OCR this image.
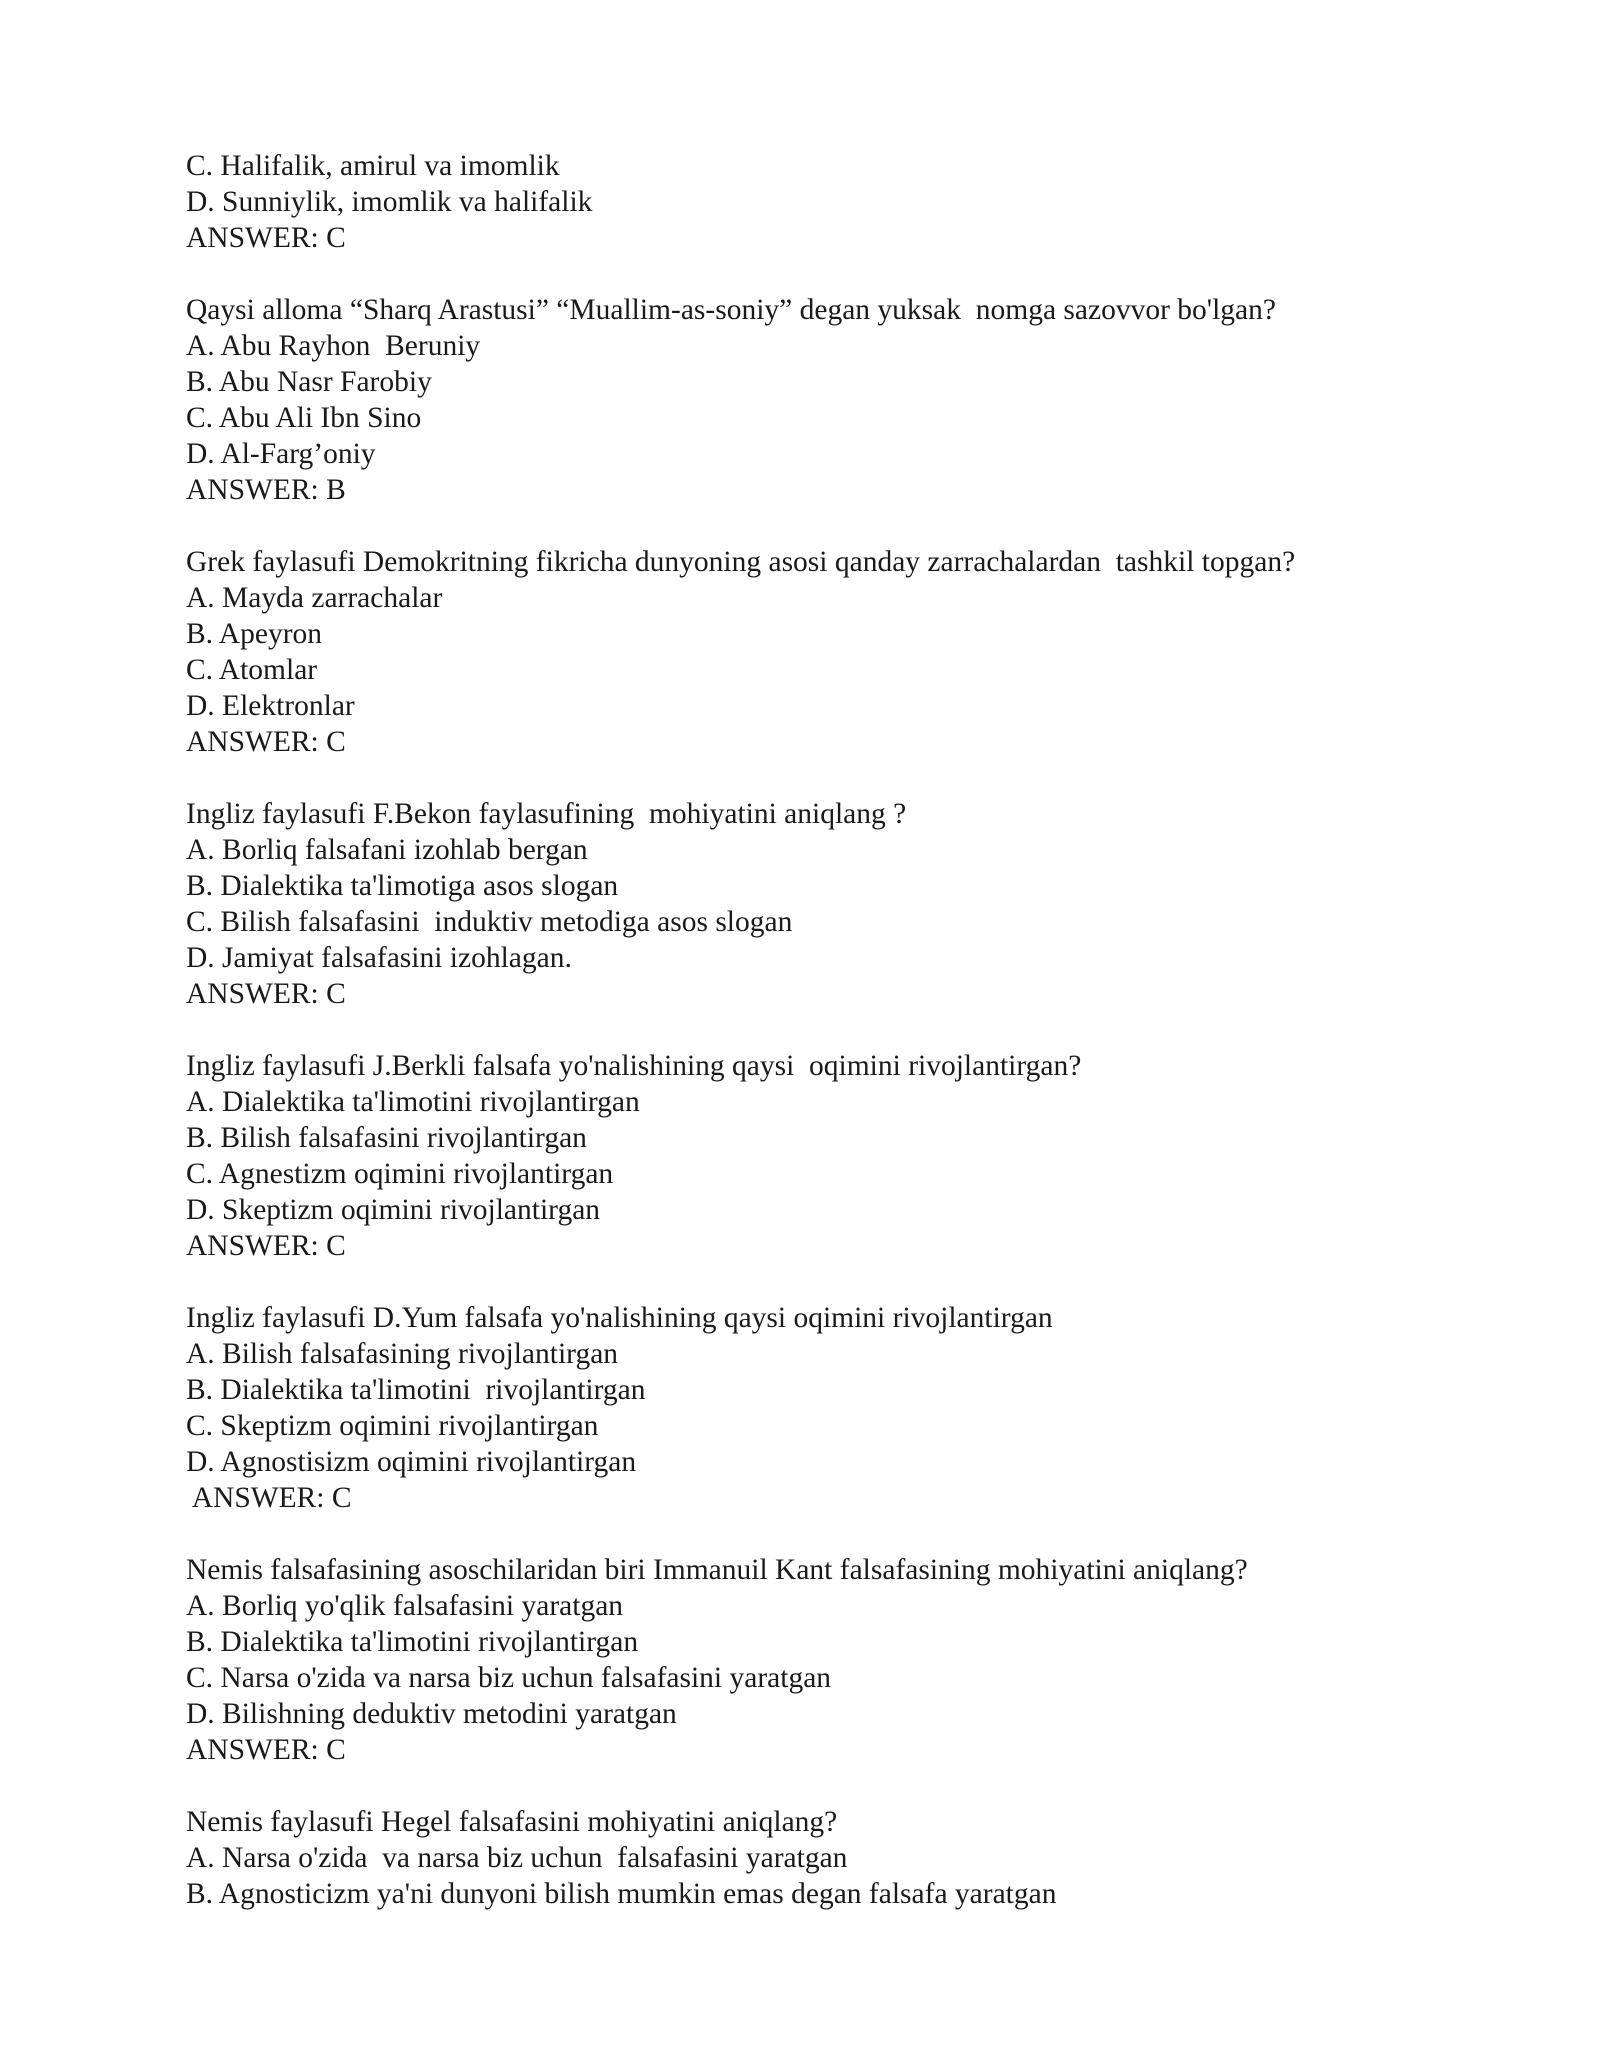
C. Halifalik, amirul va imomlik
D. Sunniylik, imomlik va halifalik
ANSWER: C
Qaysi alloma “Sharq Arastusi” “Muallim-as-soniy” degan yuksak  nomga sazovvor bo'lgan?
A. Abu Rayhon  Beruniy
B. Abu Nasr Farobiy
C. Abu Ali Ibn Sino
D. Al-Farg’oniy
ANSWER: B
Grek faylasufi Demokritning fikricha dunyoning asosi qanday zarrachalardan  tashkil topgan?
A. Mayda zarrachalar
B. Apeyron
C. Atomlar
D. Elektronlar
ANSWER: C
Ingliz faylasufi F.Bekon faylasufining  mohiyatini aniqlang ?
A. Borliq falsafani izohlab bergan
B. Dialektika ta'limotiga asos slogan
C. Bilish falsafasini  induktiv metodiga asos slogan
D. Jamiyat falsafasini izohlagan.
ANSWER: C
Ingliz faylasufi J.Berkli falsafa yo'nalishining qaysi  oqimini rivojlantirgan?
A. Dialektika ta'limotini rivojlantirgan
B. Bilish falsafasini rivojlantirgan
C. Agnestizm oqimini rivojlantirgan
D. Skeptizm oqimini rivojlantirgan
ANSWER: C
Ingliz faylasufi D.Yum falsafa yo'nalishining qaysi oqimini rivojlantirgan
A. Bilish falsafasining rivojlantirgan
B. Dialektika ta'limotini  rivojlantirgan
C. Skeptizm oqimini rivojlantirgan
D. Agnostisizm oqimini rivojlantirgan
ANSWER: C
Nemis falsafasining asoschilaridan biri Immanuil Kant falsafasining mohiyatini aniqlang?
A. Borliq yo'qlik falsafasini yaratgan
B. Dialektika ta'limotini rivojlantirgan
C. Narsa o'zida va narsa biz uchun falsafasini yaratgan
D. Bilishning deduktiv metodini yaratgan
ANSWER: C
Nemis faylasufi Hegel falsafasini mohiyatini aniqlang?
A. Narsa o'zida  va narsa biz uchun  falsafasini yaratgan
B. Agnosticizm ya'ni dunyoni bilish mumkin emas degan falsafa yaratgan
